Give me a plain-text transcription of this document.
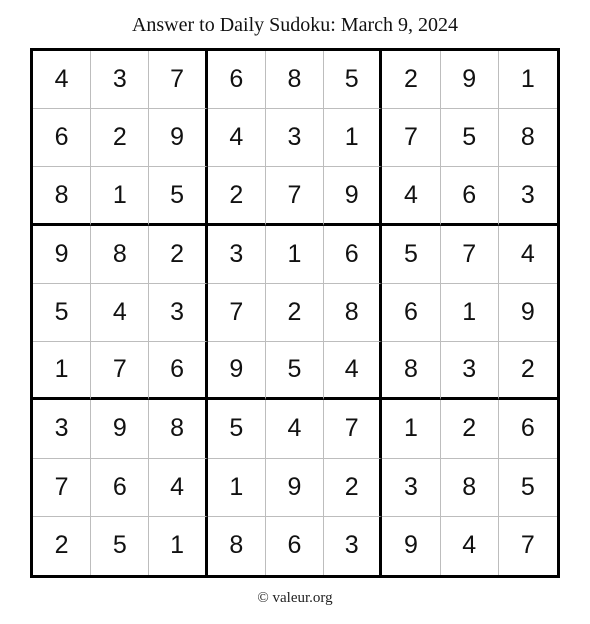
Answer to Daily Sudoku: March 9, 2024
4	3	7	6	8	5	2	9	1
6	2	9	4	3	1	7	5	8
8	1	5	2	7	9	4	6	3
9	8	2	3	1	6	5	7	4
5	4	3	7	2	8	6	1	9
1	7	6	9	5	4	8	3	2
3	9	8	5	4	7	1	2	6
7	6	4	1	9	2	3	8	5
2	5	1	8	6	3	9	4	7
© valeur.org
